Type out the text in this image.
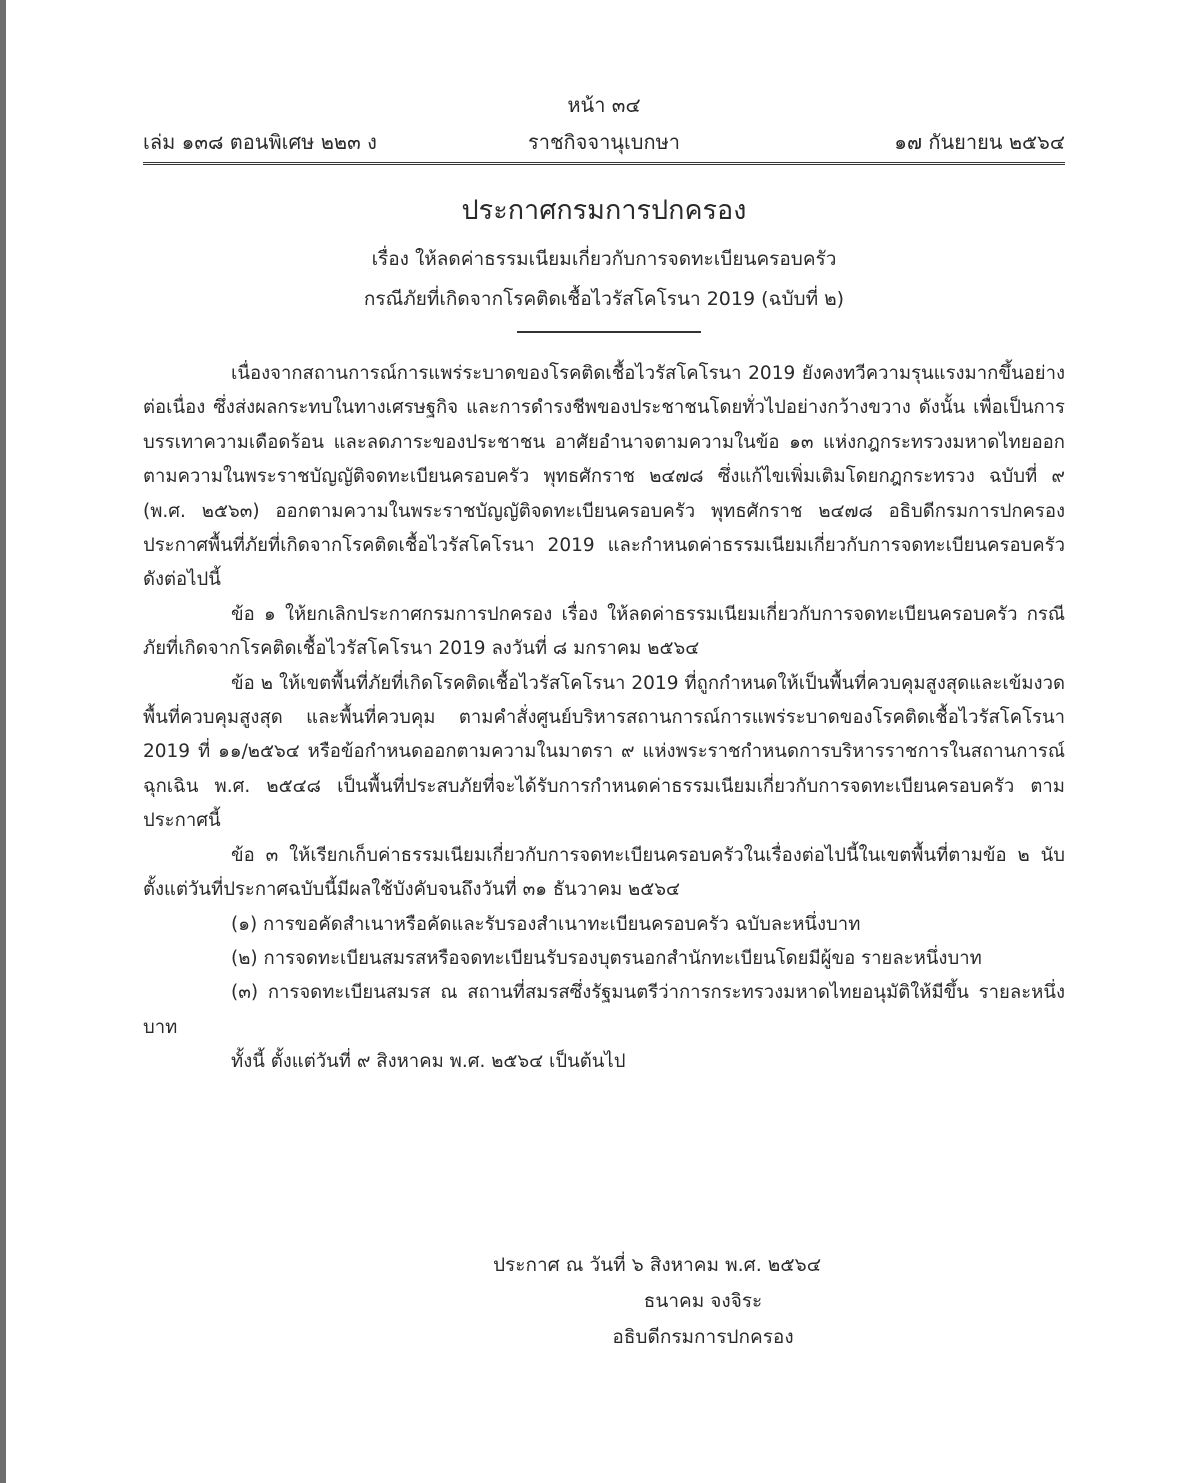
หน้า ๓๔
เล่ม ๑๓๘ ตอนพิเศษ ๒๒๓ ง	ราชกิจจานุเบกษา	๑๗ กันยายน ๒๕๖๔
ประกาศกรมการปกครอง
เรื่อง ให้ลดค่าธรรมเนียมเกี่ยวกับการจดทะเบียนครอบครัว
กรณีภัยที่เกิดจากโรคติดเชื้อไวรัสโคโรนา 2019 (ฉบับที่ ๒)

เนื่องจากสถานการณ์การแพร่ระบาดของโรคติดเชื้อไวรัสโคโรนา 2019 ยังคงทวีความรุนแรงมากขึ้นอย่างต่อเนื่อง ซึ่งส่งผลกระทบในทางเศรษฐกิจ และการดำรงชีพของประชาชนโดยทั่วไปอย่างกว้างขวาง ดังนั้น เพื่อเป็นการบรรเทาความเดือดร้อน และลดภาระของประชาชน อาศัยอำนาจตามความในข้อ ๑๓ แห่งกฎกระทรวงมหาดไทยออกตามความในพระราชบัญญัติจดทะเบียนครอบครัว พุทธศักราช ๒๔๗๘ ซึ่งแก้ไขเพิ่มเติมโดยกฎกระทรวง ฉบับที่ ๙ (พ.ศ. ๒๕๖๓) ออกตามความในพระราชบัญญัติจดทะเบียนครอบครัว พุทธศักราช ๒๔๗๘ อธิบดีกรมการปกครองประกาศพื้นที่ภัยที่เกิดจากโรคติดเชื้อไวรัสโคโรนา 2019 และกำหนดค่าธรรมเนียมเกี่ยวกับการจดทะเบียนครอบครัวดังต่อไปนี้

ข้อ ๑ ให้ยกเลิกประกาศกรมการปกครอง เรื่อง ให้ลดค่าธรรมเนียมเกี่ยวกับการจดทะเบียนครอบครัว กรณีภัยที่เกิดจากโรคติดเชื้อไวรัสโคโรนา 2019 ลงวันที่ ๘ มกราคม ๒๕๖๔

ข้อ ๒ ให้เขตพื้นที่ภัยที่เกิดโรคติดเชื้อไวรัสโคโรนา 2019 ที่ถูกกำหนดให้เป็นพื้นที่ควบคุมสูงสุดและเข้มงวด พื้นที่ควบคุมสูงสุด และพื้นที่ควบคุม ตามคำสั่งศูนย์บริหารสถานการณ์การแพร่ระบาดของโรคติดเชื้อไวรัสโคโรนา 2019 ที่ ๑๑/๒๕๖๔ หรือข้อกำหนดออกตามความในมาตรา ๙ แห่งพระราชกำหนดการบริหารราชการในสถานการณ์ฉุกเฉิน พ.ศ. ๒๕๔๘ เป็นพื้นที่ประสบภัยที่จะได้รับการกำหนดค่าธรรมเนียมเกี่ยวกับการจดทะเบียนครอบครัว ตามประกาศนี้

ข้อ ๓ ให้เรียกเก็บค่าธรรมเนียมเกี่ยวกับการจดทะเบียนครอบครัวในเรื่องต่อไปนี้ในเขตพื้นที่ตามข้อ ๒ นับตั้งแต่วันที่ประกาศฉบับนี้มีผลใช้บังคับจนถึงวันที่ ๓๑ ธันวาคม ๒๕๖๔

(๑) การขอคัดสำเนาหรือคัดและรับรองสำเนาทะเบียนครอบครัว ฉบับละหนึ่งบาท

(๒) การจดทะเบียนสมรสหรือจดทะเบียนรับรองบุตรนอกสำนักทะเบียนโดยมีผู้ขอ รายละหนึ่งบาท

(๓) การจดทะเบียนสมรส ณ สถานที่สมรสซึ่งรัฐมนตรีว่าการกระทรวงมหาดไทยอนุมัติให้มีขึ้น รายละหนึ่งบาท

ทั้งนี้ ตั้งแต่วันที่ ๙ สิงหาคม พ.ศ. ๒๕๖๔ เป็นต้นไป

ประกาศ ณ วันที่ ๖ สิงหาคม พ.ศ. ๒๕๖๔
ธนาคม จงจิระ
อธิบดีกรมการปกครอง
